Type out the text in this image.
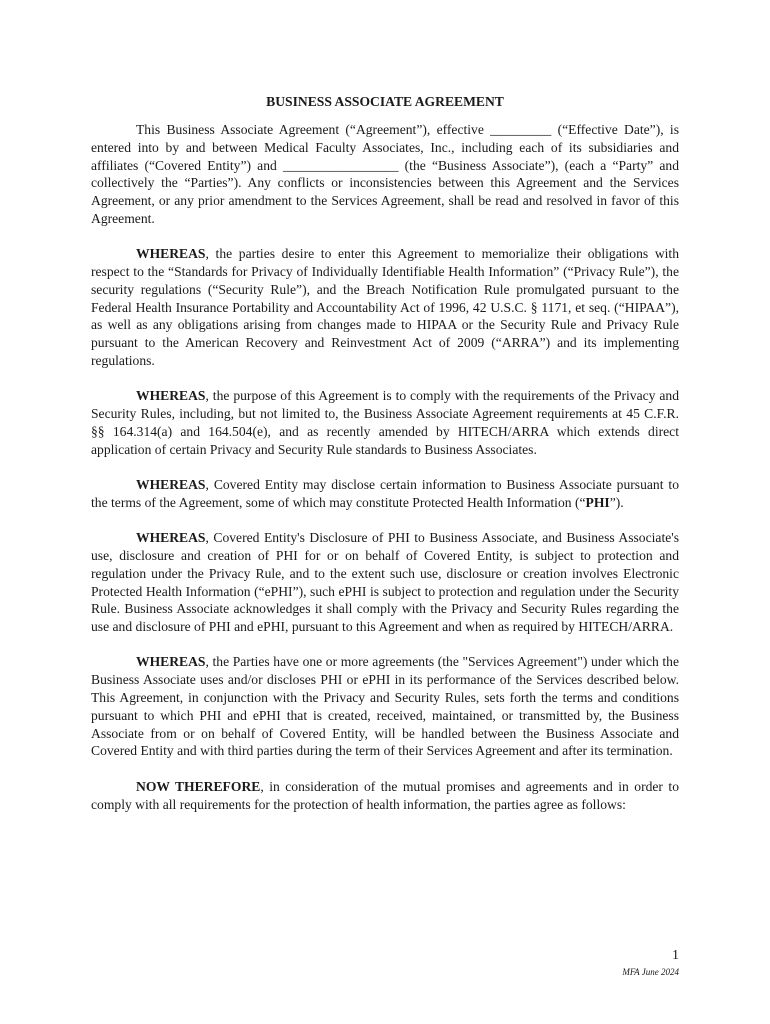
BUSINESS ASSOCIATE AGREEMENT

This Business Associate Agreement (“Agreement”), effective _________ (“Effective Date”), is entered into by and between Medical Faculty Associates, Inc., including each of its subsidiaries and affiliates (“Covered Entity”) and _________________ (the “Business Associate”), (each a “Party” and collectively the “Parties”). Any conflicts or inconsistencies between this Agreement and the Services Agreement, or any prior amendment to the Services Agreement, shall be read and resolved in favor of this Agreement.

WHEREAS, the parties desire to enter this Agreement to memorialize their obligations with respect to the “Standards for Privacy of Individually Identifiable Health Information” (“Privacy Rule”), the security regulations (“Security Rule”), and the Breach Notification Rule promulgated pursuant to the Federal Health Insurance Portability and Accountability Act of 1996, 42 U.S.C. § 1171, et seq. (“HIPAA”), as well as any obligations arising from changes made to HIPAA or the Security Rule and Privacy Rule pursuant to the American Recovery and Reinvestment Act of 2009 (“ARRA”) and its implementing regulations.

WHEREAS, the purpose of this Agreement is to comply with the requirements of the Privacy and Security Rules, including, but not limited to, the Business Associate Agreement requirements at 45 C.F.R. §§ 164.314(a) and 164.504(e), and as recently amended by HITECH/ARRA which extends direct application of certain Privacy and Security Rule standards to Business Associates.

WHEREAS, Covered Entity may disclose certain information to Business Associate pursuant to the terms of the Agreement, some of which may constitute Protected Health Information (“PHI”).

WHEREAS, Covered Entity's Disclosure of PHI to Business Associate, and Business Associate's use, disclosure and creation of PHI for or on behalf of Covered Entity, is subject to protection and regulation under the Privacy Rule, and to the extent such use, disclosure or creation involves Electronic Protected Health Information (“ePHI”), such ePHI is subject to protection and regulation under the Security Rule. Business Associate acknowledges it shall comply with the Privacy and Security Rules regarding the use and disclosure of PHI and ePHI, pursuant to this Agreement and when as required by HITECH/ARRA.

WHEREAS, the Parties have one or more agreements (the "Services Agreement") under which the Business Associate uses and/or discloses PHI or ePHI in its performance of the Services described below. This Agreement, in conjunction with the Privacy and Security Rules, sets forth the terms and conditions pursuant to which PHI and ePHI that is created, received, maintained, or transmitted by, the Business Associate from or on behalf of Covered Entity, will be handled between the Business Associate and Covered Entity and with third parties during the term of their Services Agreement and after its termination.

NOW THEREFORE, in consideration of the mutual promises and agreements and in order to comply with all requirements for the protection of health information, the parties agree as follows:

1
MFA June 2024
